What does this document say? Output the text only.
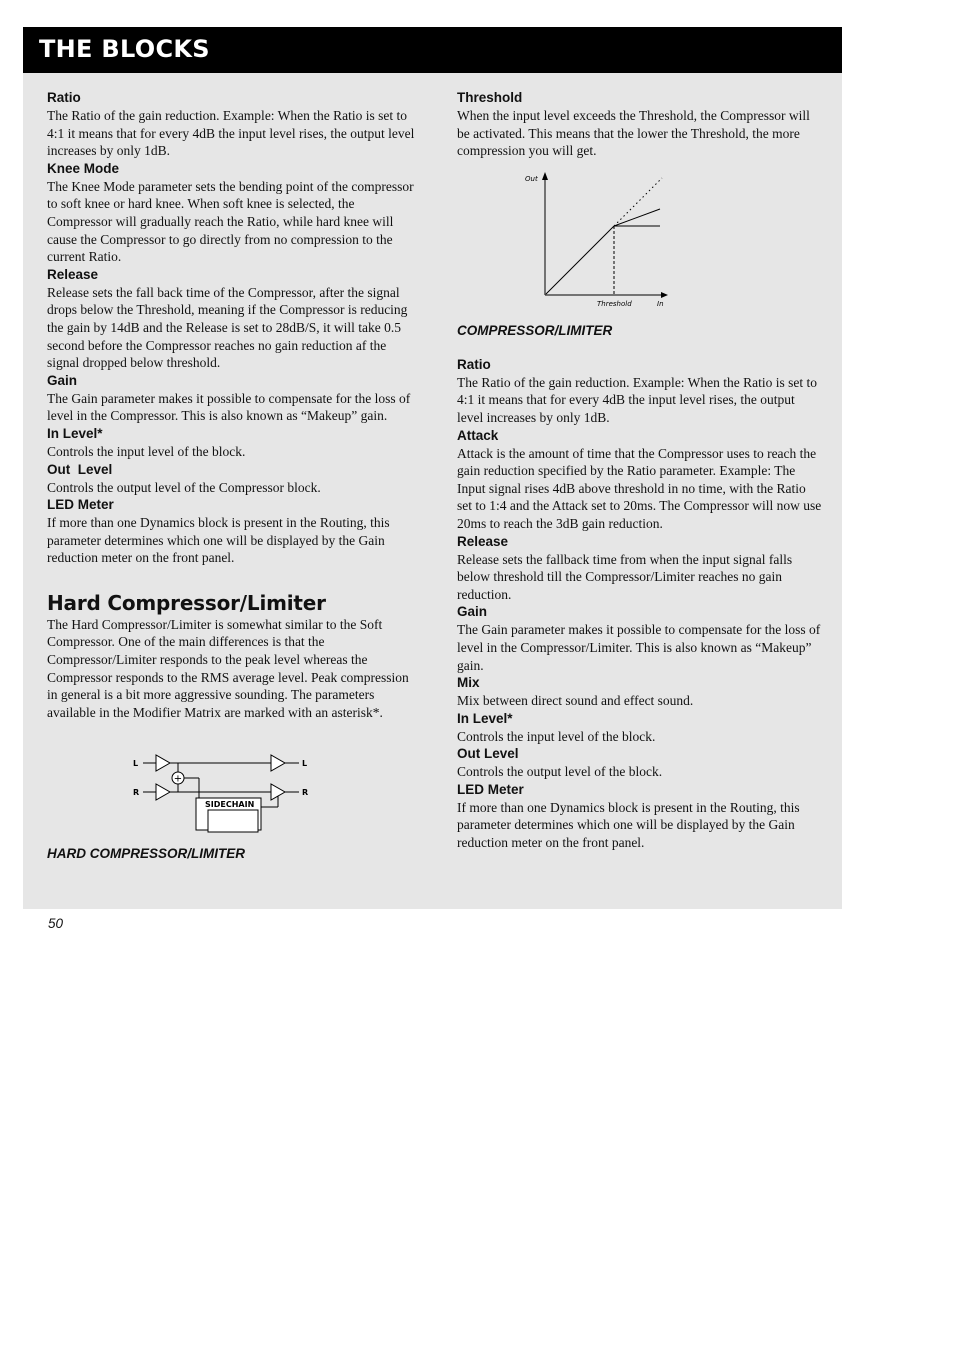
THE BLOCKS

Ratio

The Ratio of the gain reduction. Example: When the Ratio is set to 4:1 it means that for every 4dB the input level rises, the output level increases by only 1dB.

Knee Mode

The Knee Mode parameter sets the bending point of the compressor to soft knee or hard knee. When soft knee is selected, the Compressor will gradually reach the Ratio, while hard knee will cause the Compressor to go directly from no compression to the current Ratio.

Release

Release sets the fall back time of the Compressor, after the signal drops below the Threshold, meaning if the Compressor is reducing the gain by 14dB and the Release is set to 28dB/S, it will take 0.5 second before the Compressor reaches no gain reduction af the signal dropped below threshold.

Gain

The Gain parameter makes it possible to compensate for the loss of level in the Compressor. This is also known as “Makeup” gain.

In Level*

Controls the input level of the block.

Out  Level

Controls the output level of the Compressor block.

LED Meter

If more than one Dynamics block is present in the Routing, this parameter determines which one will be displayed by the Gain reduction meter on the front panel.

Hard Compressor/Limiter

The Hard Compressor/Limiter is somewhat similar to the Soft Compressor. One of the main differences is that the Compressor/Limiter responds to the peak level whereas the Compressor responds to the RMS average level. Peak compression in general is a bit more aggressive sounding. The parameters available in the Modifier Matrix are marked with an asterisk*.

L	L
R	R
+
SIDECHAIN

HARD COMPRESSOR/LIMITER

Threshold

When the input level exceeds the Threshold, the Compressor will be activated. This means that the lower the Threshold, the more compression you will get.

Out
Threshold	In

COMPRESSOR/LIMITER

Ratio

The Ratio of the gain reduction. Example: When the Ratio is set to 4:1 it means that for every 4dB the input level rises, the output level increases by only 1dB.

Attack

Attack is the amount of time that the Compressor uses to reach the gain reduction specified by the Ratio parameter. Example: The Input signal rises 4dB above threshold in no time, with the Ratio set to 1:4 and the Attack set to 20ms. The Compressor will now use 20ms to reach the 3dB gain reduction.

Release

Release sets the fallback time from when the input signal falls below threshold till the Compressor/Limiter reaches no gain reduction.

Gain

The Gain parameter makes it possible to compensate for the loss of level in the Compressor/Limiter. This is also known as “Makeup” gain.

Mix

Mix between direct sound and effect sound.

In Level*

Controls the input level of the block.

Out Level

Controls the output level of the block.

LED Meter

If more than one Dynamics block is present in the Routing, this parameter determines which one will be displayed by the Gain reduction meter on the front panel.

50
